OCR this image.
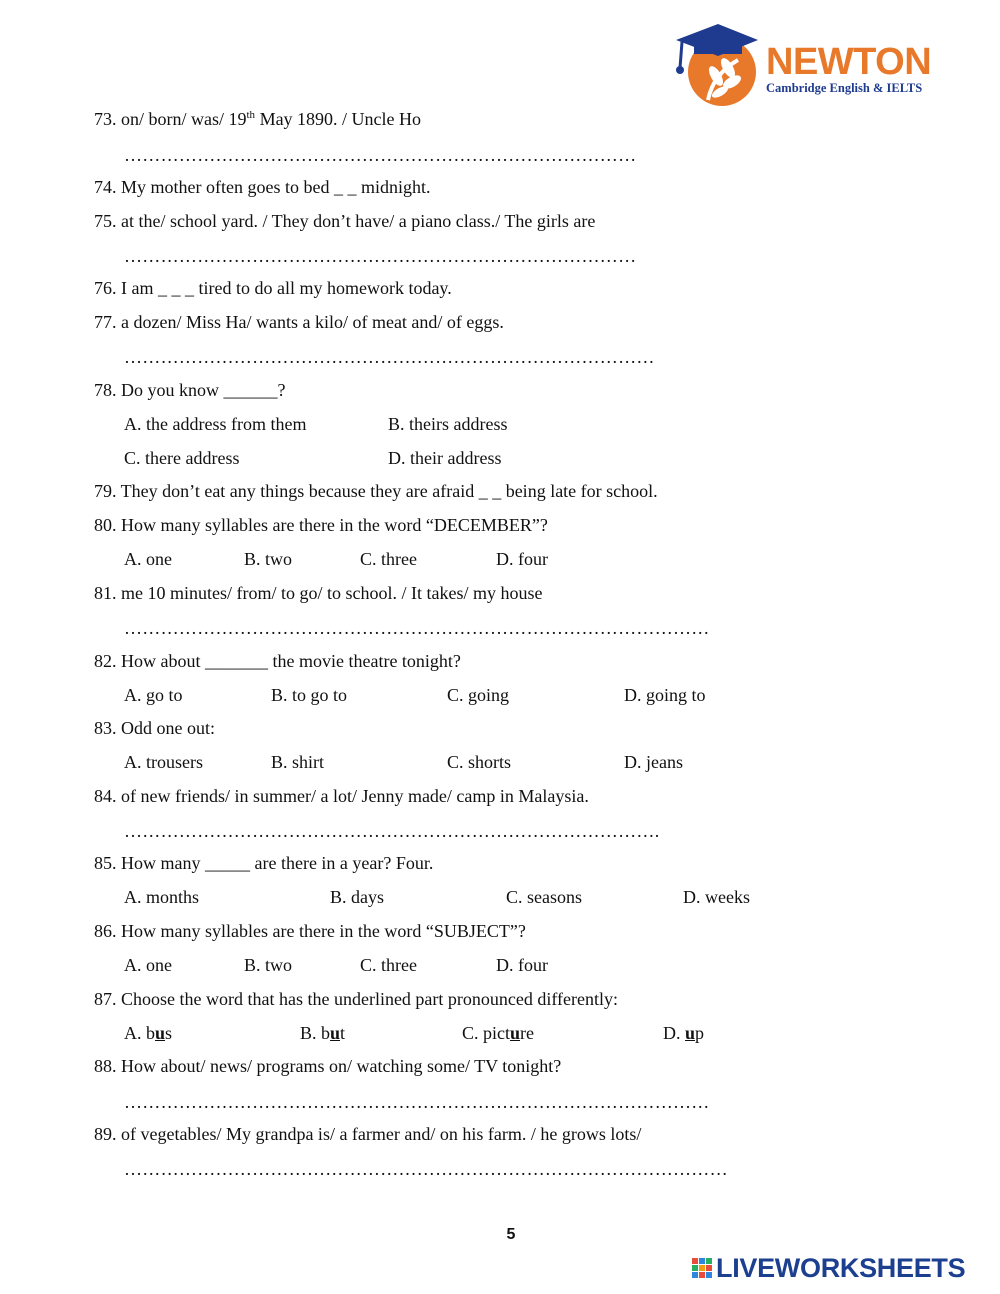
NEWTON
Cambridge English & IELTS
73. on/ born/ was/ 19th May 1890. / Uncle Ho
…………………………………………………………………………
74. My mother often goes to bed _ _ midnight.
75. at the/ school yard. / They don’t have/ a piano class./ The girls are
…………………………………………………………………………
76. I am _ _ _ tired to do all my homework today.
77. a dozen/ Miss Ha/ wants a kilo/ of meat and/ of eggs.
……………………………………………………………………………
78. Do you know ______?
A. the address from them	B. theirs address
C. there address	D. their address
79. They don’t eat any things because they are afraid _ _ being late for school.
80. How many syllables are there in the word “DECEMBER”?
A. one	B. two	C. three	D. four
81. me 10 minutes/ from/ to go/ to school. / It takes/ my house
……………………………………………………………………………………
82. How about _______ the movie theatre tonight?
A. go to	B. to go to	C. going	D. going to
83. Odd one out:
A. trousers	B. shirt	C. shorts	D. jeans
84. of new friends/ in summer/ a lot/ Jenny made/ camp in Malaysia.
…………………………………………………………………………….
85. How many _____ are there in a year? Four.
A. months	B. days	C. seasons	D. weeks
86. How many syllables are there in the word “SUBJECT”?
A. one	B. two	C. three	D. four
87. Choose the word that has the underlined part pronounced differently:
A. bus	B. but	C. picture	D. up
88. How about/ news/ programs on/ watching some/ TV tonight?
……………………………………………………………………………………
89. of vegetables/ My grandpa is/ a farmer and/ on his farm. / he grows lots/
………………………………………………………………………………………
5
LIVEWORKSHEETS
